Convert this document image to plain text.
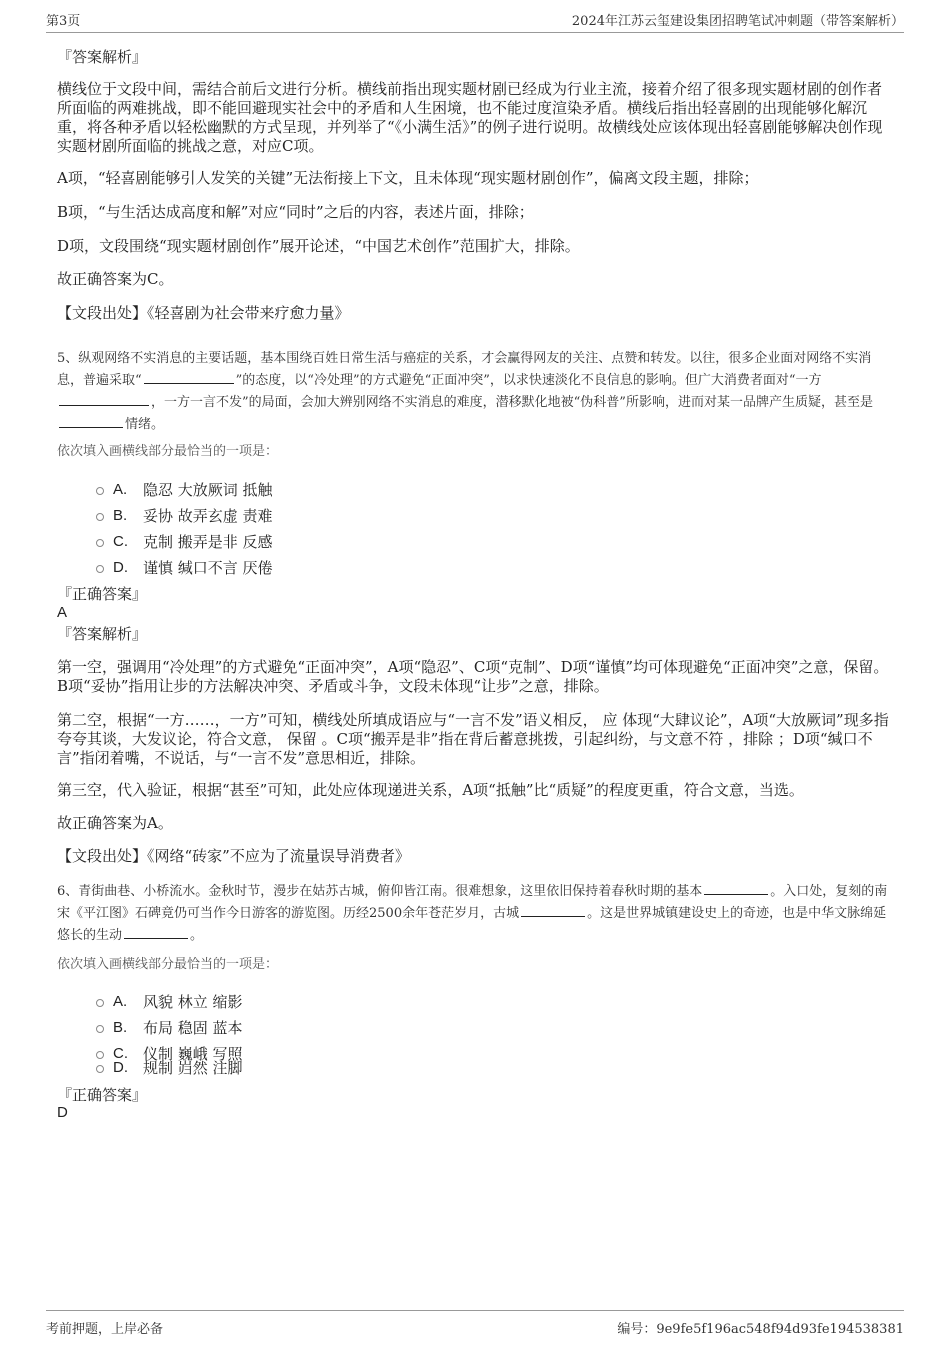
第3页	2024年江苏云玺建设集团招聘笔试冲刺题（带答案解析）
『答案解析』

横线位于文段中间，需结合前后文进行分析。横线前指出现实题材剧已经成为行业主流，接着介绍了很多现实题材剧的创作者所面临的两难挑战，即不能回避现实社会中的矛盾和人生困境，也不能过度渲染矛盾。横线后指出轻喜剧的出现能够化解沉重，将各种矛盾以轻松幽默的方式呈现，并列举了“《小满生活》”的例子进行说明。故横线处应该体现出轻喜剧能够解决创作现实题材剧所面临的挑战之意，对应C项。

A项，“轻喜剧能够引人发笑的关键”无法衔接上下文，且未体现“现实题材剧创作”，偏离文段主题，排除；

B项，“与生活达成高度和解”对应“同时”之后的内容，表述片面，排除；

D项，文段围绕“现实题材剧创作”展开论述，“中国艺术创作”范围扩大，排除。

故正确答案为C。

【文段出处】《轻喜剧为社会带来疗愈力量》

5、纵观网络不实消息的主要话题，基本围绕百姓日常生活与癌症的关系，才会赢得网友的关注、点赞和转发。以往，很多企业面对网络不实消息，普遍采取“	”的态度，以“冷处理”的方式避免“正面冲突”，以求快速淡化不良信息的影响。但广大消费者面对“一方，一方一言不发”的局面，会加大辨别网络不实消息的难度，潜移默化地被“伪科普”所影响，进而对某一品牌产生质疑，甚至是情绪。

依次填入画横线部分最恰当的一项是：

A.	隐忍 大放厥词 抵触
B.	妥协 故弄玄虚 责难
C.	克制 搬弄是非 反感
D.	谨慎 缄口不言 厌倦
『正确答案』
A
『答案解析』

第一空，强调用“冷处理”的方式避免“正面冲突”，A项“隐忍”、C项“克制”、D项“谨慎”均可体现避免“正面冲突”之意，保留。B项“妥协”指用让步的方法解决冲突、矛盾或斗争，文段未体现“让步”之意，排除。

第二空，根据“一方……，一方”可知，横线处所填成语应与“一言不发”语义相反， 应 体现“大肆议论”，A项“大放厥词”现多指夸夸其谈，大发议论，符合文意， 保留 。C项“搬弄是非”指在背后蓄意挑拨，引起纠纷，与文意不符 ，排除 ；D项“缄口不言”指闭着嘴，不说话，与“一言不发”意思相近，排除。

第三空，代入验证，根据“甚至”可知，此处应体现递进关系，A项“抵触”比“质疑”的程度更重，符合文意，当选。

故正确答案为A。

【文段出处】《网络“砖家”不应为了流量误导消费者》

6、青街曲巷、小桥流水。金秋时节，漫步在姑苏古城，俯仰皆江南。很难想象，这里依旧保持着春秋时期的基本	。入口处，复刻的南宋《平江图》石碑竟仍可当作今日游客的游览图。历经2500余年苍茫岁月，古城	。这是世界城镇建设史上的奇迹，也是中华文脉绵延悠长的生动	。

依次填入画横线部分最恰当的一项是：

A.	风貌 林立 缩影
B.	布局 稳固 蓝本
C.	仪制 巍峨 写照
D.	规制 岿然 注脚
『正确答案』
D
考前押题，上岸必备	编号：9e9fe5f196ac548f94d93fe194538381
